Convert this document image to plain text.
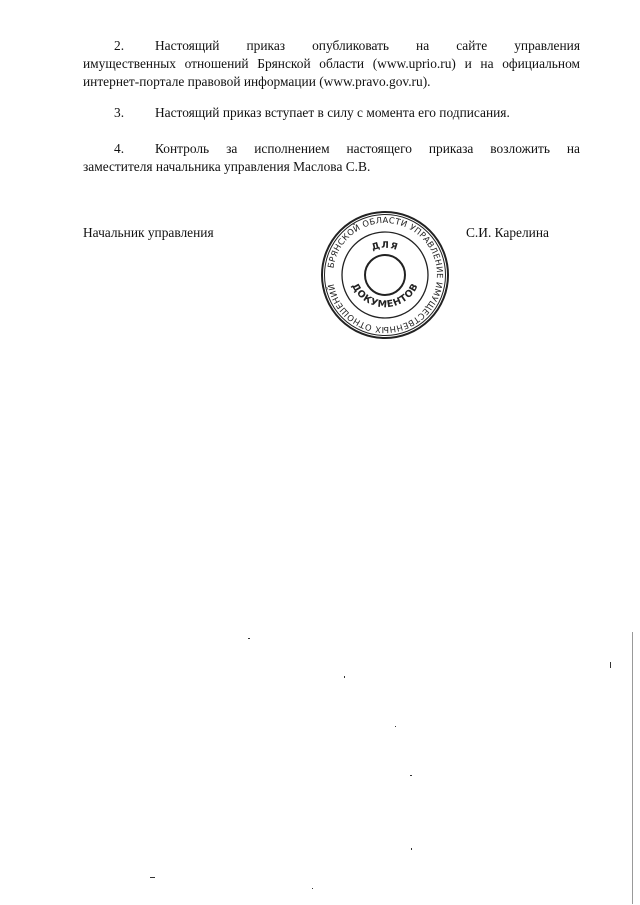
2. Настоящий приказ опубликовать на сайте управления
имущественных отношений Брянской области (www.uprio.ru) и на официальном
интернет-портале правовой информации (www.pravo.gov.ru).
3. Настоящий приказ вступает в силу с момента его подписания.
4. Контроль за исполнением настоящего приказа возложить на
заместителя начальника управления Маслова С.В.
Начальник управления	С.И. Карелина
БРЯНСКОЙ ОБЛАСТИ УПРАВЛЕНИЕ ИМУЩЕСТВЕННЫХ ОТНОШЕНИЙ
ДЛЯ
ДОКУМЕНТОВ
